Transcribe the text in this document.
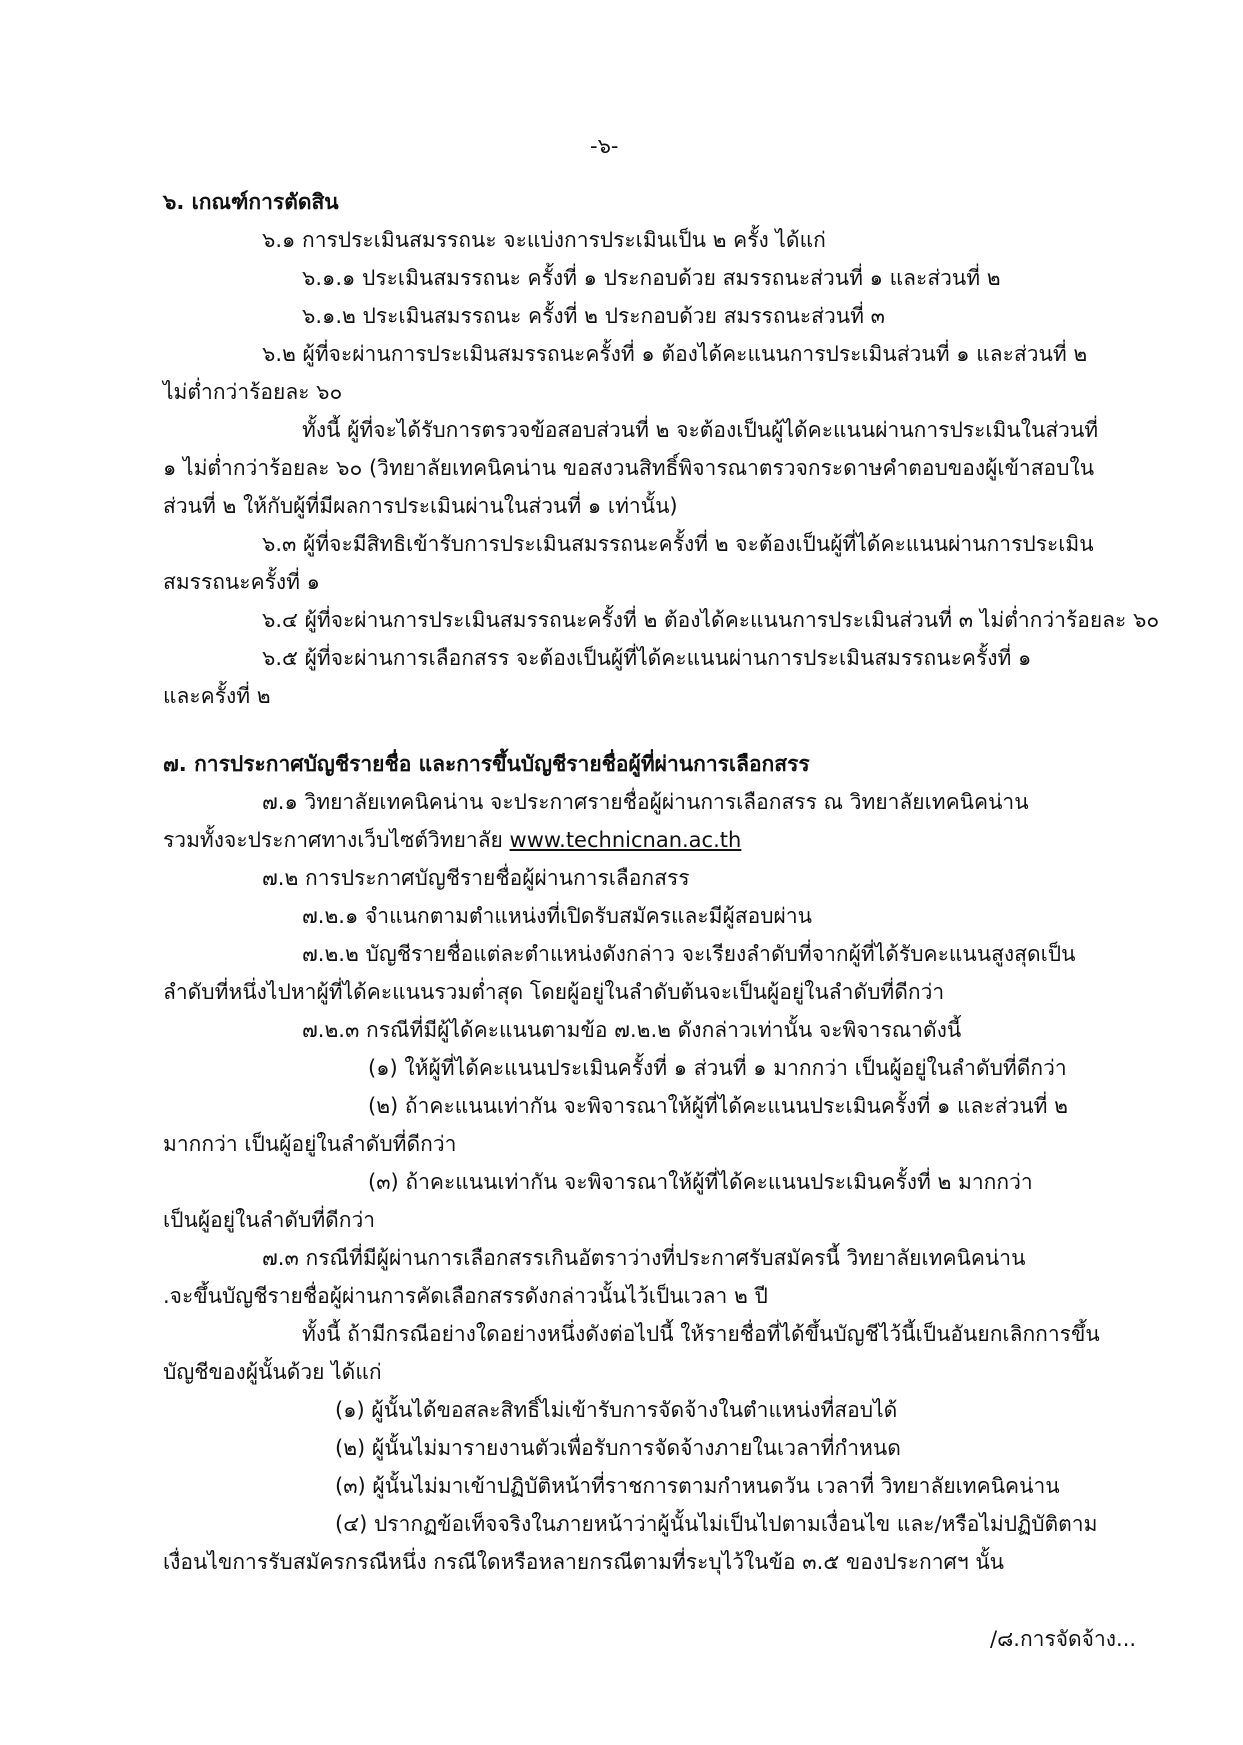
-๖-
๖. เกณฑ์การตัดสิน
๖.๑ การประเมินสมรรถนะ จะแบ่งการประเมินเป็น ๒ ครั้ง ได้แก่
๖.๑.๑ ประเมินสมรรถนะ ครั้งที่ ๑ ประกอบด้วย สมรรถนะส่วนที่ ๑ และส่วนที่ ๒
๖.๑.๒ ประเมินสมรรถนะ ครั้งที่ ๒ ประกอบด้วย สมรรถนะส่วนที่ ๓
๖.๒ ผู้ที่จะผ่านการประเมินสมรรถนะครั้งที่ ๑ ต้องได้คะแนนการประเมินส่วนที่ ๑ และส่วนที่ ๒
ไม่ต่ำกว่าร้อยละ ๖๐
ทั้งนี้ ผู้ที่จะได้รับการตรวจข้อสอบส่วนที่ ๒ จะต้องเป็นผู้ได้คะแนนผ่านการประเมินในส่วนที่
๑ ไม่ต่ำกว่าร้อยละ ๖๐ (วิทยาลัยเทคนิคน่าน ขอสงวนสิทธิ์พิจารณาตรวจกระดาษคำตอบของผู้เข้าสอบใน
ส่วนที่ ๒ ให้กับผู้ที่มีผลการประเมินผ่านในส่วนที่ ๑ เท่านั้น)
๖.๓ ผู้ที่จะมีสิทธิเข้ารับการประเมินสมรรถนะครั้งที่ ๒ จะต้องเป็นผู้ที่ได้คะแนนผ่านการประเมิน
สมรรถนะครั้งที่ ๑
๖.๔ ผู้ที่จะผ่านการประเมินสมรรถนะครั้งที่ ๒ ต้องได้คะแนนการประเมินส่วนที่ ๓ ไม่ต่ำกว่าร้อยละ ๖๐
๖.๕ ผู้ที่จะผ่านการเลือกสรร จะต้องเป็นผู้ที่ได้คะแนนผ่านการประเมินสมรรถนะครั้งที่ ๑
และครั้งที่ ๒
๗. การประกาศบัญชีรายชื่อ และการขึ้นบัญชีรายชื่อผู้ที่ผ่านการเลือกสรร
๗.๑ วิทยาลัยเทคนิคน่าน จะประกาศรายชื่อผู้ผ่านการเลือกสรร ณ วิทยาลัยเทคนิคน่าน
รวมทั้งจะประกาศทางเว็บไซต์วิทยาลัย www.technicnan.ac.th
๗.๒ การประกาศบัญชีรายชื่อผู้ผ่านการเลือกสรร
๗.๒.๑ จำแนกตามตำแหน่งที่เปิดรับสมัครและมีผู้สอบผ่าน
๗.๒.๒ บัญชีรายชื่อแต่ละตำแหน่งดังกล่าว จะเรียงลำดับที่จากผู้ที่ได้รับคะแนนสูงสุดเป็น
ลำดับที่หนึ่งไปหาผู้ที่ได้คะแนนรวมต่ำสุด โดยผู้อยู่ในลำดับต้นจะเป็นผู้อยู่ในลำดับที่ดีกว่า
๗.๒.๓ กรณีที่มีผู้ได้คะแนนตามข้อ ๗.๒.๒ ดังกล่าวเท่านั้น จะพิจารณาดังนี้
(๑) ให้ผู้ที่ได้คะแนนประเมินครั้งที่ ๑ ส่วนที่ ๑ มากกว่า เป็นผู้อยู่ในลำดับที่ดีกว่า
(๒) ถ้าคะแนนเท่ากัน จะพิจารณาให้ผู้ที่ได้คะแนนประเมินครั้งที่ ๑ และส่วนที่ ๒
มากกว่า เป็นผู้อยู่ในลำดับที่ดีกว่า
(๓) ถ้าคะแนนเท่ากัน จะพิจารณาให้ผู้ที่ได้คะแนนประเมินครั้งที่ ๒ มากกว่า
เป็นผู้อยู่ในลำดับที่ดีกว่า
๗.๓ กรณีที่มีผู้ผ่านการเลือกสรรเกินอัตราว่างที่ประกาศรับสมัครนี้ วิทยาลัยเทคนิคน่าน
.จะขึ้นบัญชีรายชื่อผู้ผ่านการคัดเลือกสรรดังกล่าวนั้นไว้เป็นเวลา ๒ ปี
ทั้งนี้ ถ้ามีกรณีอย่างใดอย่างหนึ่งดังต่อไปนี้ ให้รายชื่อที่ได้ขึ้นบัญชีไว้นี้เป็นอันยกเลิกการขึ้น
บัญชีของผู้นั้นด้วย ได้แก่
(๑) ผู้นั้นได้ขอสละสิทธิ์ไม่เข้ารับการจัดจ้างในตำแหน่งที่สอบได้
(๒) ผู้นั้นไม่มารายงานตัวเพื่อรับการจัดจ้างภายในเวลาที่กำหนด
(๓) ผู้นั้นไม่มาเข้าปฏิบัติหน้าที่ราชการตามกำหนดวัน เวลาที่ วิทยาลัยเทคนิคน่าน
(๔) ปรากฏข้อเท็จจริงในภายหน้าว่าผู้นั้นไม่เป็นไปตามเงื่อนไข และ/หรือไม่ปฏิบัติตาม
เงื่อนไขการรับสมัครกรณีหนึ่ง กรณีใดหรือหลายกรณีตามที่ระบุไว้ในข้อ ๓.๕ ของประกาศฯ นั้น
/๘.การจัดจ้าง...
